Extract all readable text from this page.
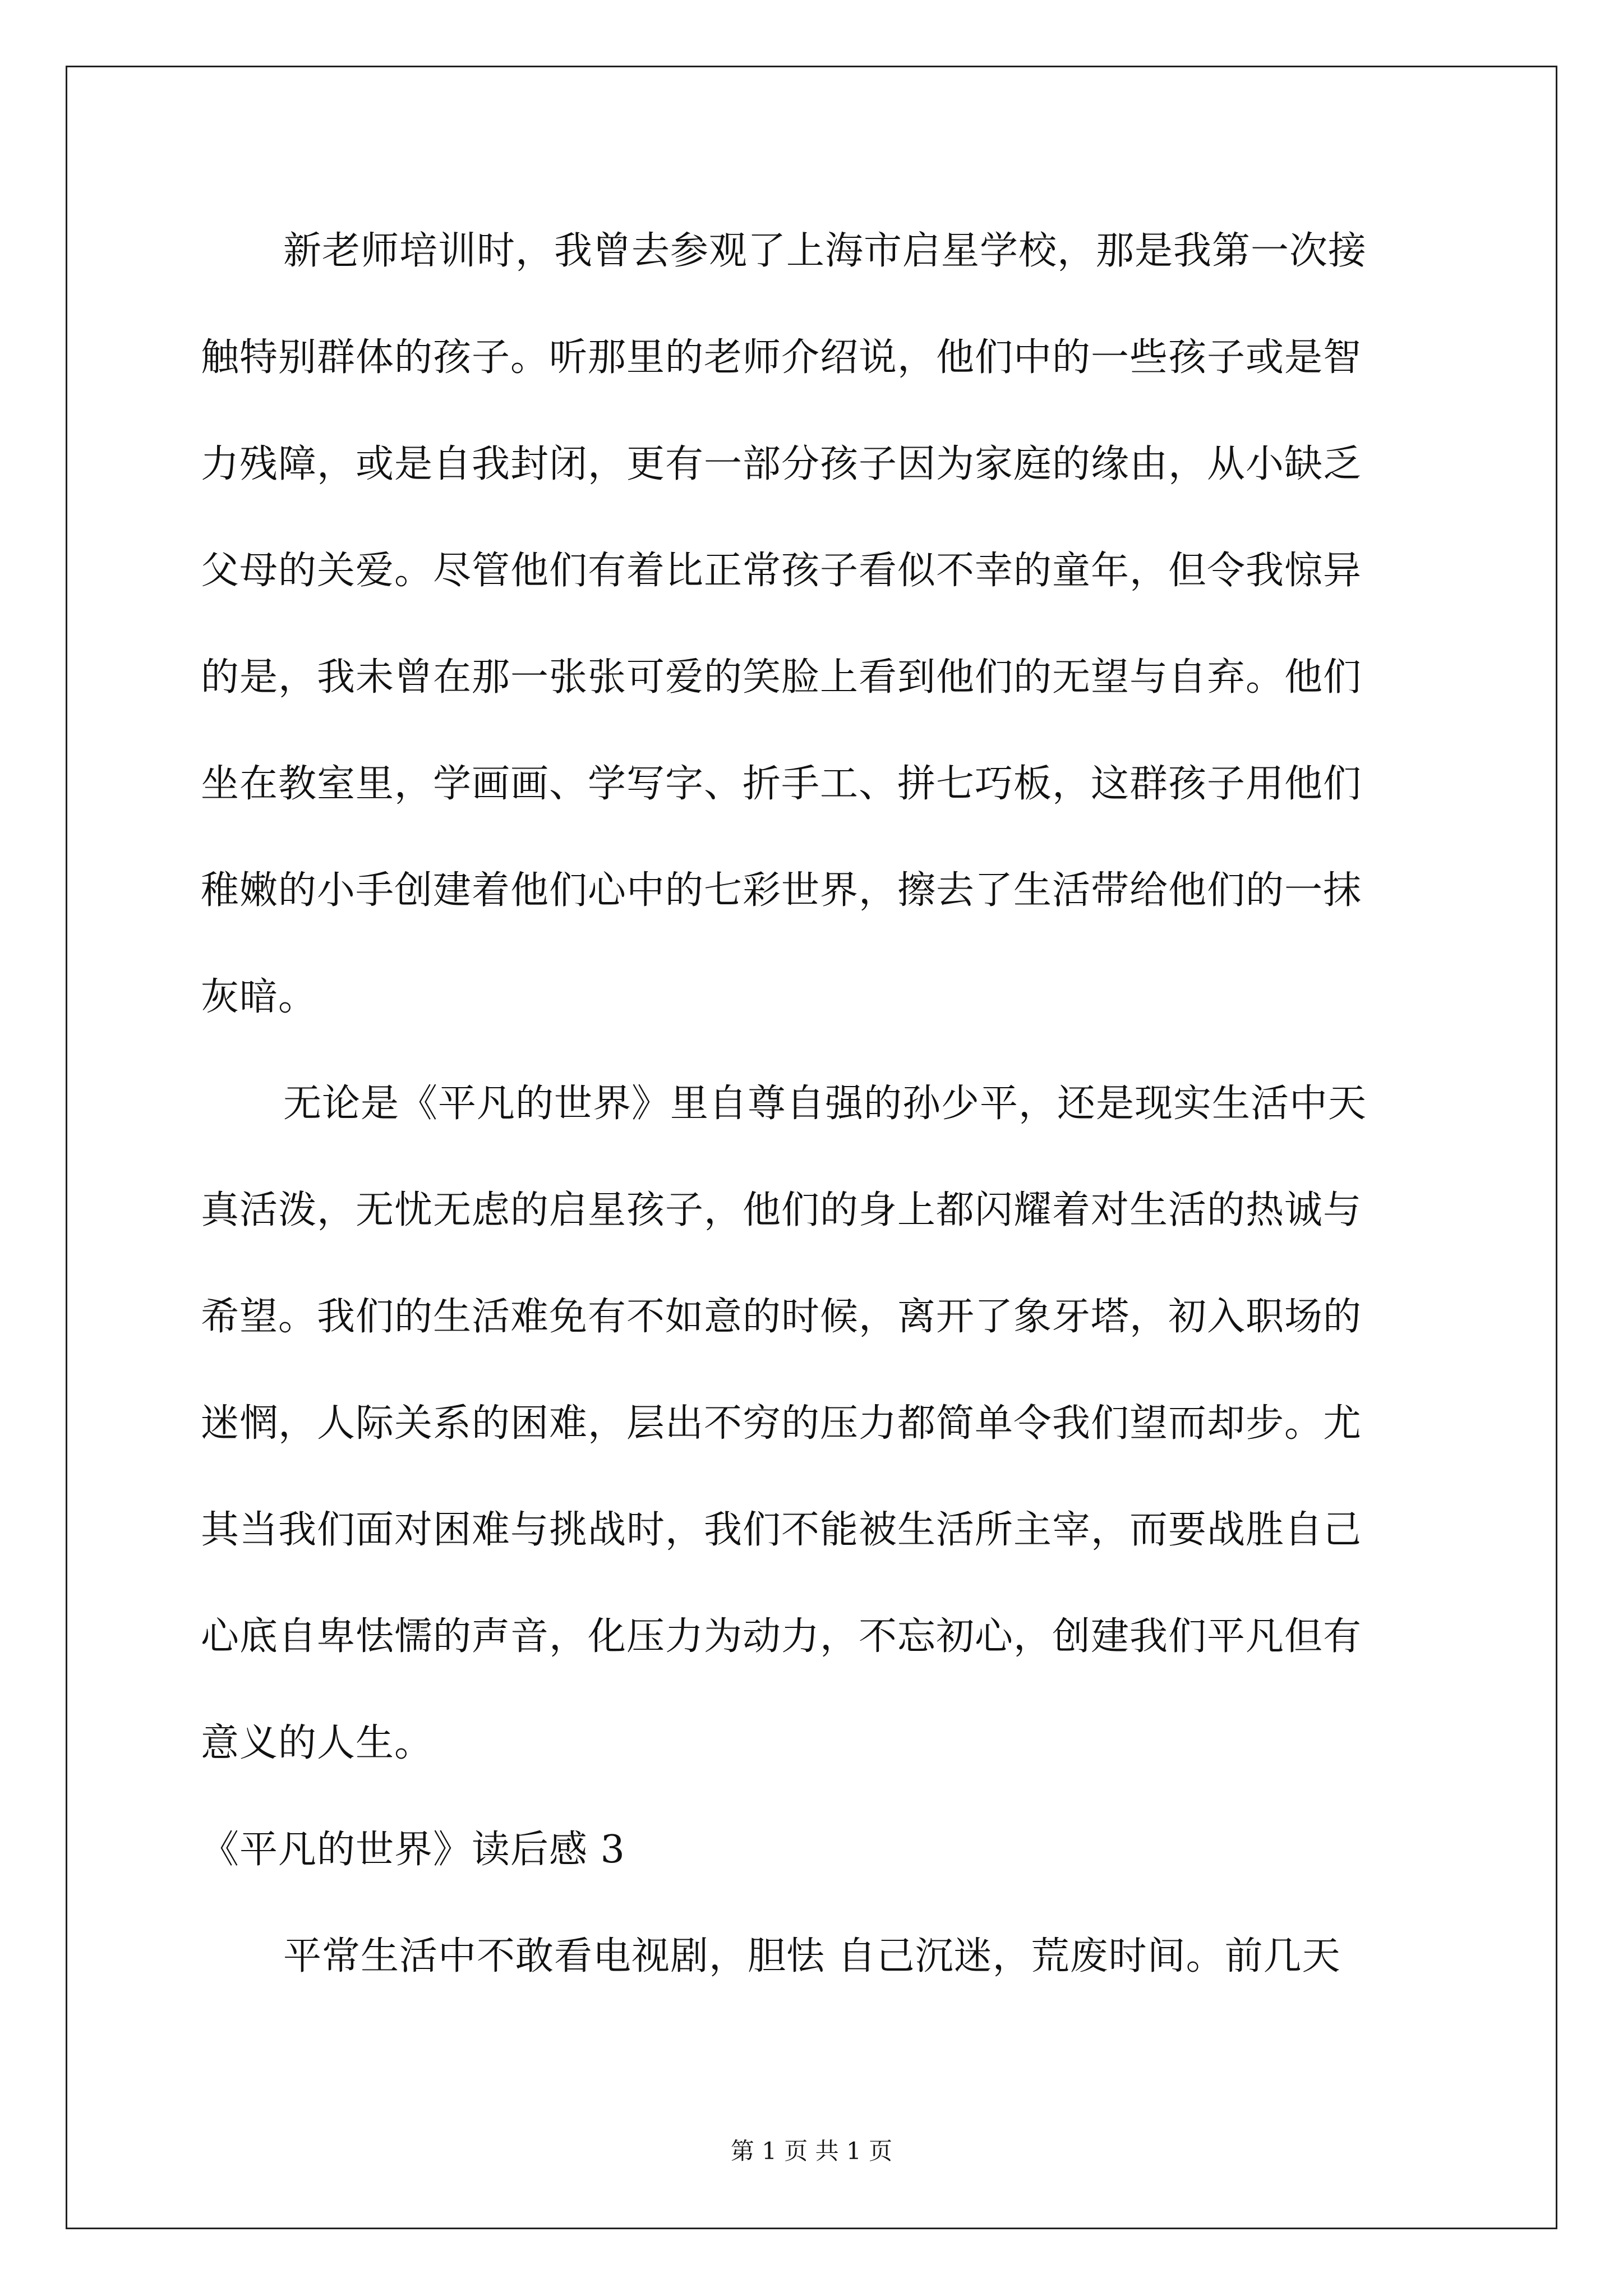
新老师培训时，我曾去参观了上海市启星学校，那是我第一次接
触特别群体的孩子。听那里的老师介绍说，他们中的一些孩子或是智
力残障，或是自我封闭，更有一部分孩子因为家庭的缘由，从小缺乏
父母的关爱。尽管他们有着比正常孩子看似不幸的童年，但令我惊异
的是，我未曾在那一张张可爱的笑脸上看到他们的无望与自弃。他们
坐在教室里，学画画、学写字、折手工、拼七巧板，这群孩子用他们
稚嫩的小手创建着他们心中的七彩世界，擦去了生活带给他们的一抹
灰暗。
无论是《平凡的世界》里自尊自强的孙少平，还是现实生活中天
真活泼，无忧无虑的启星孩子，他们的身上都闪耀着对生活的热诚与
希望。我们的生活难免有不如意的时候，离开了象牙塔，初入职场的
迷惘，人际关系的困难，层出不穷的压力都简单令我们望而却步。尤
其当我们面对困难与挑战时，我们不能被生活所主宰，而要战胜自己
心底自卑怯懦的声音，化压力为动力，不忘初心，创建我们平凡但有
意义的人生。
《平凡的世界》读后感 3
平常生活中不敢看电视剧，胆怯 自己沉迷，荒废时间。前几天
第 1 页 共 1 页
